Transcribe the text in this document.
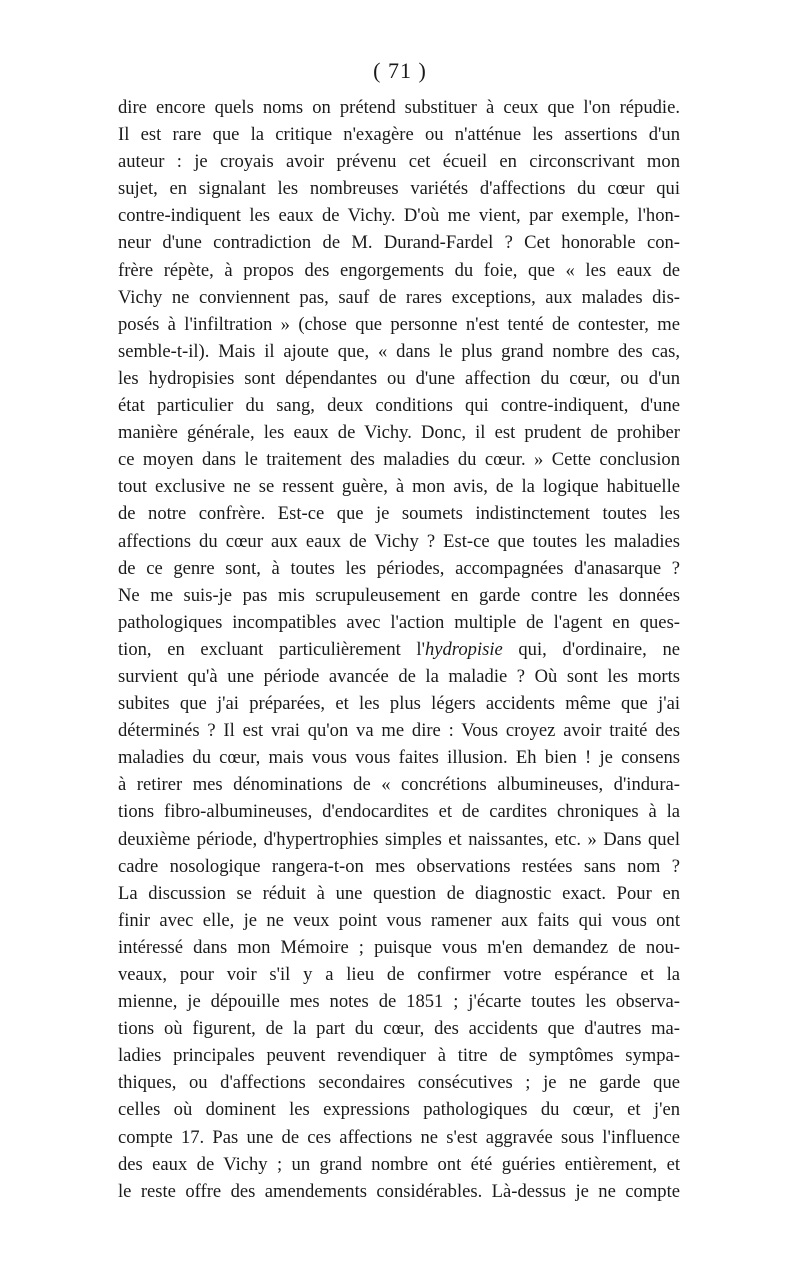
( 71 )
dire encore quels noms on prétend substituer à ceux que l'on répudie.
Il est rare que la critique n'exagère ou n'atténue les assertions d'un
auteur : je croyais avoir prévenu cet écueil en circonscrivant mon
sujet, en signalant les nombreuses variétés d'affections du cœur qui
contre-indiquent les eaux de Vichy. D'où me vient, par exemple, l'hon-
neur d'une contradiction de M. Durand-Fardel ? Cet honorable con-
frère répète, à propos des engorgements du foie, que « les eaux de
Vichy ne conviennent pas, sauf de rares exceptions, aux malades dis-
posés à l'infiltration » (chose que personne n'est tenté de contester, me
semble-t-il). Mais il ajoute que, « dans le plus grand nombre des cas,
les hydropisies sont dépendantes ou d'une affection du cœur, ou d'un
état particulier du sang, deux conditions qui contre-indiquent, d'une
manière générale, les eaux de Vichy. Donc, il est prudent de prohiber
ce moyen dans le traitement des maladies du cœur. » Cette conclusion
tout exclusive ne se ressent guère, à mon avis, de la logique habituelle
de notre confrère. Est-ce que je soumets indistinctement toutes les
affections du cœur aux eaux de Vichy ? Est-ce que toutes les maladies
de ce genre sont, à toutes les périodes, accompagnées d'anasarque ?
Ne me suis-je pas mis scrupuleusement en garde contre les données
pathologiques incompatibles avec l'action multiple de l'agent en ques-
tion, en excluant particulièrement l'hydropisie qui, d'ordinaire, ne
survient qu'à une période avancée de la maladie ? Où sont les morts
subites que j'ai préparées, et les plus légers accidents même que j'ai
déterminés ? Il est vrai qu'on va me dire : Vous croyez avoir traité des
maladies du cœur, mais vous vous faites illusion. Eh bien ! je consens
à retirer mes dénominations de « concrétions albumineuses, d'indura-
tions fibro-albumineuses, d'endocardites et de cardites chroniques à la
deuxième période, d'hypertrophies simples et naissantes, etc. » Dans quel
cadre nosologique rangera-t-on mes observations restées sans nom ?
La discussion se réduit à une question de diagnostic exact. Pour en
finir avec elle, je ne veux point vous ramener aux faits qui vous ont
intéressé dans mon Mémoire ; puisque vous m'en demandez de nou-
veaux, pour voir s'il y a lieu de confirmer votre espérance et la
mienne, je dépouille mes notes de 1851 ; j'écarte toutes les observa-
tions où figurent, de la part du cœur, des accidents que d'autres ma-
ladies principales peuvent revendiquer à titre de symptômes sympa-
thiques, ou d'affections secondaires consécutives ; je ne garde que
celles où dominent les expressions pathologiques du cœur, et j'en
compte 17. Pas une de ces affections ne s'est aggravée sous l'influence
des eaux de Vichy ; un grand nombre ont été guéries entièrement, et
le reste offre des amendements considérables. Là-dessus je ne compte
